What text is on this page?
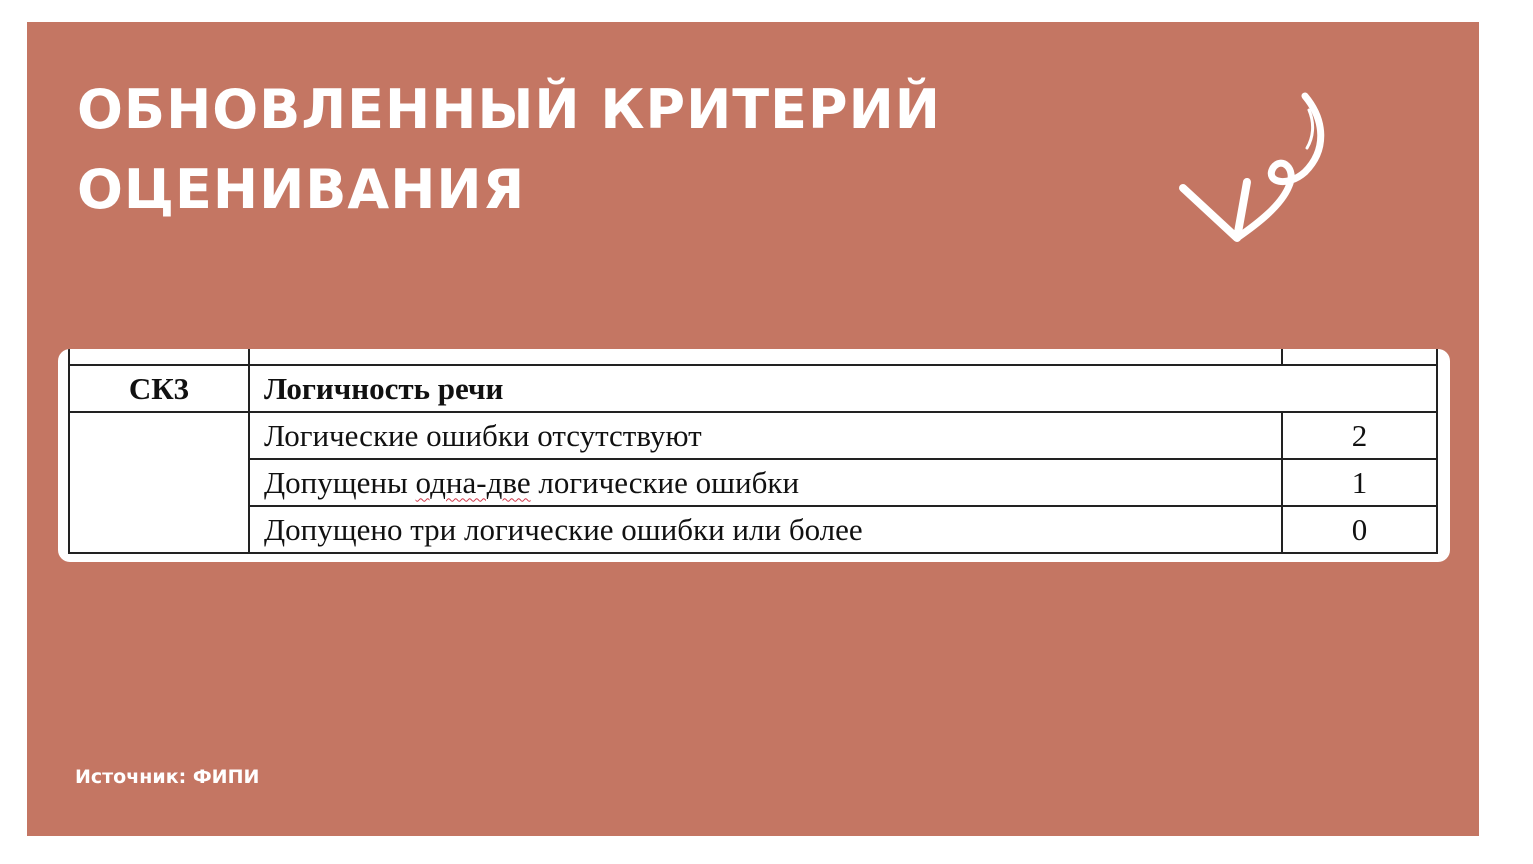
ОБНОВЛЕННЫЙ КРИТЕРИЙ
ОЦЕНИВАНИЯ

СК3	Логичность речи	
	Логические ошибки отсутствуют	2
	Допущены одна-две логические ошибки	1
	Допущено три логические ошибки или более	0
Источник: ФИПИ
